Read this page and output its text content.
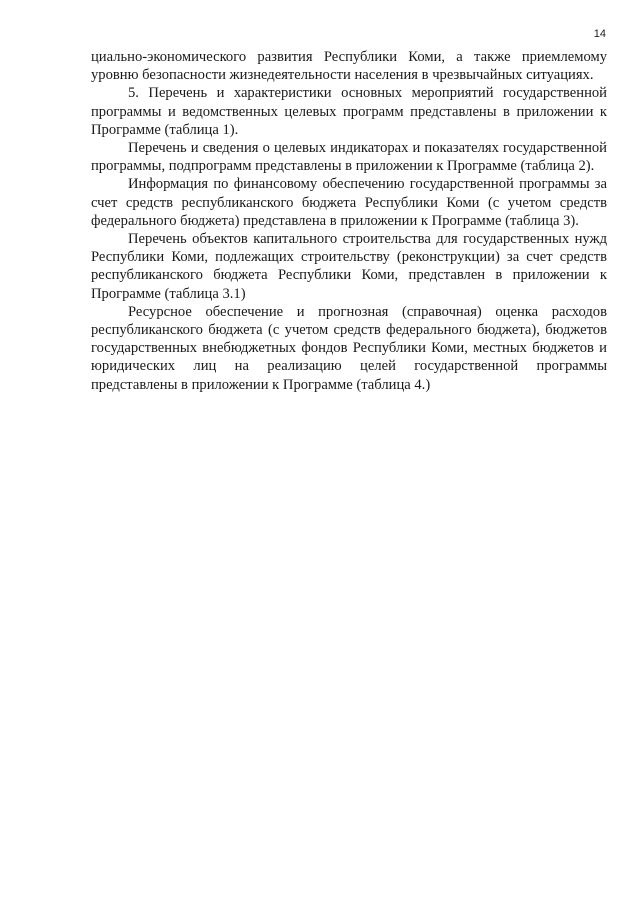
14

циально-экономического развития Республики Коми, а также приемлемому уровню безопасности жизнедеятельности населения в чрезвычайных ситуациях.

5. Перечень и характеристики основных мероприятий государственной программы и ведомственных целевых программ представлены в приложении к Программе (таблица 1).

Перечень и сведения о целевых индикаторах и показателях государственной программы, подпрограмм представлены в приложении к Программе (таблица 2).

Информация по финансовому обеспечению государственной программы за счет средств республиканского бюджета Республики Коми (с учетом средств федерального бюджета) представлена в приложении к Программе (таблица 3).

Перечень объектов капитального строительства для государственных нужд Республики Коми, подлежащих строительству (реконструкции) за счет средств республиканского бюджета Республики Коми, представлен в приложении к Программе (таблица 3.1)

Ресурсное обеспечение и прогнозная (справочная) оценка расходов республиканского бюджета (с учетом средств федерального бюджета), бюджетов государственных внебюджетных фондов Республики Коми, местных бюджетов и юридических лиц на реализацию целей государственной программы представлены в приложении к Программе (таблица 4.)
